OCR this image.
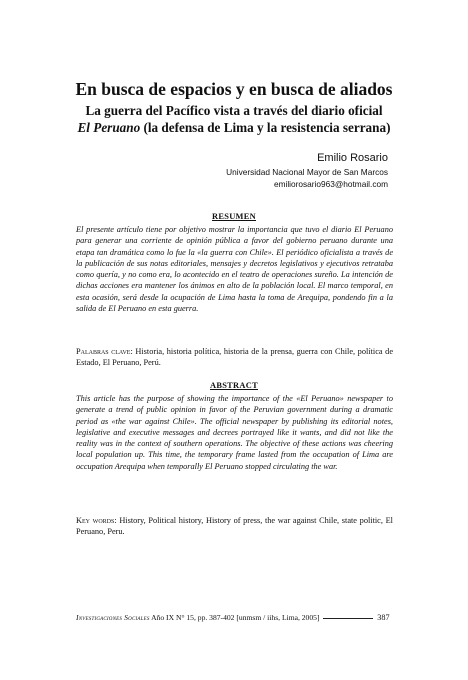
En busca de espacios y en busca de aliados
La guerra del Pacífico vista a través del diario oficial
El Peruano (la defensa de Lima y la resistencia serrana)
Emilio Rosario
Universidad Nacional Mayor de San Marcos
emiliorosario963@hotmail.com
RESUMEN
El presente artículo tiene por objetivo mostrar la importancia que tuvo el diario El Peruano para generar una corriente de opinión pública a favor del gobierno peruano durante una etapa tan dramática como lo fue la «la guerra con Chile». El periódico oficialista a través de la publicación de sus notas editoriales, mensajes y decretos legislativos y ejecutivos retrataba como quería, y no como era, lo acontecido en el teatro de operaciones sureño. La intención de dichas acciones era mantener los ánimos en alto de la población local. El marco temporal, en esta ocasión, será desde la ocupación de Lima hasta la toma de Arequipa, pondendo fin a la salida de El Peruano en esta guerra.
Palabras clave: Historia, historia política, historia de la prensa, guerra con Chile, política de Estado, El Peruano, Perú.
ABSTRACT
This article has the purpose of showing the importance of the «El Peruano» newspaper to generate a trend of public opinion in favor of the Peruvian government during a dramatic period as «the war against Chile». The official newspaper by publishing its editorial notes, legislative and executive messages and decrees portrayed like it wants, and did not like the reality was in the context of southern operations. The objective of these actions was cheering local population up. This time, the temporary frame lasted from the occupation of Lima are occupation Arequipa when temporally El Peruano stopped circulating the war.
Key words: History, Political history, History of press, the war against Chile, state politic, El Peruano, Peru.
Investigaciones Sociales Año IX N° 15, pp. 387-402 [unmsm / iihs, Lima, 2005]	387
